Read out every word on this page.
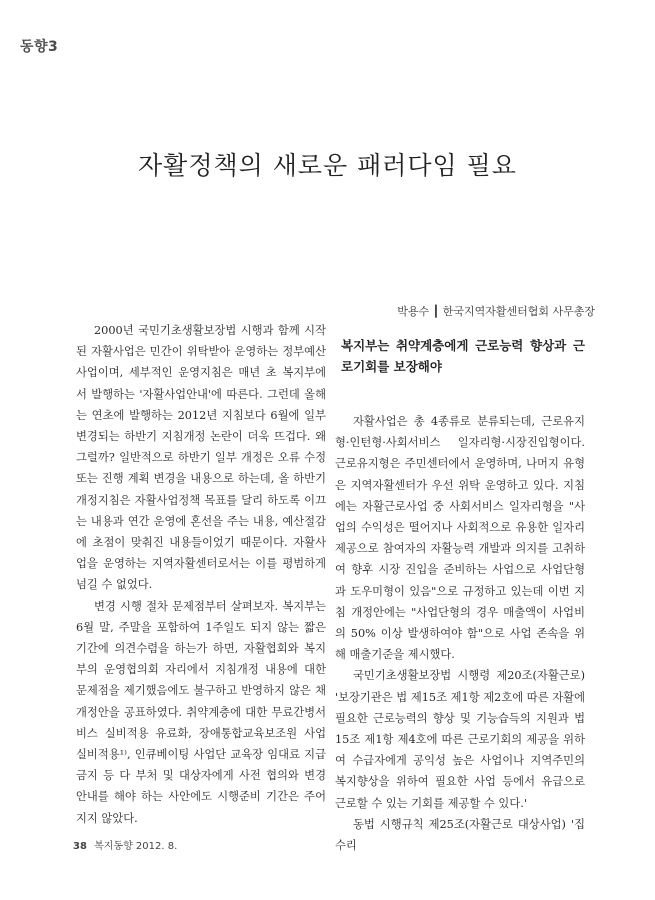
동향3
자활정책의 새로운 패러다임 필요
박용수 ┃ 한국지역자활센터협회 사무총장

2000년 국민기초생활보장법 시행과 함께 시작된 자활사업은 민간이 위탁받아 운영하는 정부예산사업이며, 세부적인 운영지침은 매년 초 복지부에서 발행하는 '자활사업안내'에 따른다. 그런데 올해는 연초에 발행하는 2012년 지침보다 6월에 일부 변경되는 하반기 지침개정 논란이 더욱 뜨겁다. 왜 그럴까? 일반적으로 하반기 일부 개정은 오류 수정 또는 진행 계획 변경을 내용으로 하는데, 올 하반기 개정지침은 자활사업정책 목표를 달리 하도록 이끄는 내용과 연간 운영에 혼선을 주는 내용, 예산절감에 초점이 맞춰진 내용들이었기 때문이다. 자활사업을 운영하는 지역자활센터로서는 이를 평범하게 넘길 수 없었다.

변경 시행 절차 문제점부터 살펴보자. 복지부는 6월 말, 주말을 포함하여 1주일도 되지 않는 짧은 기간에 의견수렴을 하는가 하면, 자활협회와 복지부의 운영협의회 자리에서 지침개정 내용에 대한 문제점을 제기했음에도 불구하고 반영하지 않은 채 개정안을 공표하였다. 취약계층에 대한 무료간병서비스 실비적용 유료화, 장애통합교육보조원 사업 실비적용¹⁾, 인큐베이팅 사업단 교육장 임대료 지급 금지 등 다 부처 및 대상자에게 사전 협의와 변경 안내를 해야 하는 사안에도 시행준비 기간은 주어지지 않았다.

복지부는 취약계층에게 근로능력 향상과 근로기회를 보장해야

자활사업은 총 4종류로 분류되는데, 근로유지형·인턴형·사회서비스 일자리형·시장진입형이다. 근로유지형은 주민센터에서 운영하며, 나머지 유형은 지역자활센터가 우선 위탁 운영하고 있다. 지침에는 자활근로사업 중 사회서비스 일자리형을 "사업의 수익성은 떨어지나 사회적으로 유용한 일자리 제공으로 참여자의 자활능력 개발과 의지를 고취하여 향후 시장 진입을 준비하는 사업으로 사업단형과 도우미형이 있음"으로 규정하고 있는데 이번 지침 개정안에는 "사업단형의 경우 매출액이 사업비의 50% 이상 발생하여야 함"으로 사업 존속을 위해 매출기준을 제시했다.

국민기초생활보장법 시행령 제20조(자활근로) '보장기관은 법 제15조 제1항 제2호에 따른 자활에 필요한 근로능력의 향상 및 기능습득의 지원과 법 15조 제1항 제4호에 따른 근로기회의 제공을 위하여 수급자에게 공익성 높은 사업이나 지역주민의 복지향상을 위하여 필요한 사업 등에서 유급으로 근로할 수 있는 기회를 제공할 수 있다.'

동법 시행규칙 제25조(자활근로 대상사업) '집수리

38 복지동향 2012. 8.
